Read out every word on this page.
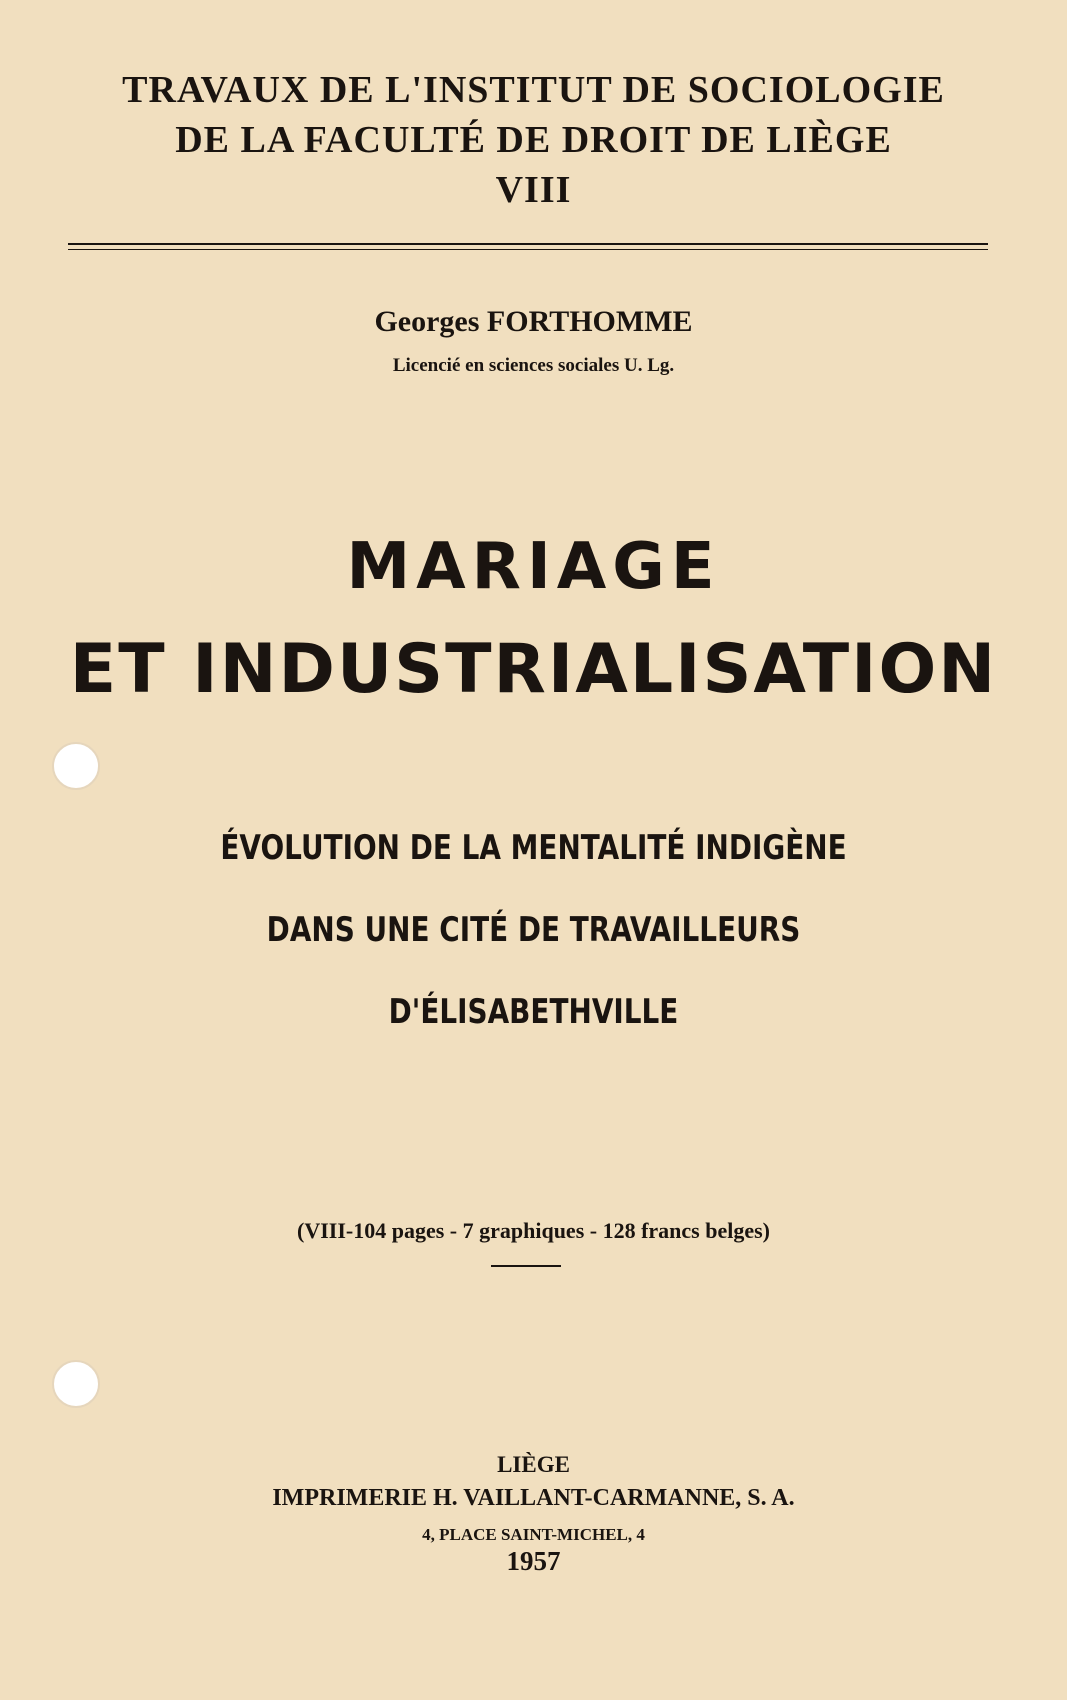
TRAVAUX DE L'INSTITUT DE SOCIOLOGIE
DE LA FACULTÉ DE DROIT DE LIÈGE
VIII
Georges FORTHOMME
Licencié en sciences sociales U. Lg.
MARIAGE
ET INDUSTRIALISATION
ÉVOLUTION DE LA MENTALITÉ INDIGÈNE
DANS UNE CITÉ DE TRAVAILLEURS
D'ÉLISABETHVILLE
(VIII-104 pages - 7 graphiques - 128 francs belges)
LIÈGE
IMPRIMERIE H. VAILLANT-CARMANNE, S. A.
4, PLACE SAINT-MICHEL, 4
1957
